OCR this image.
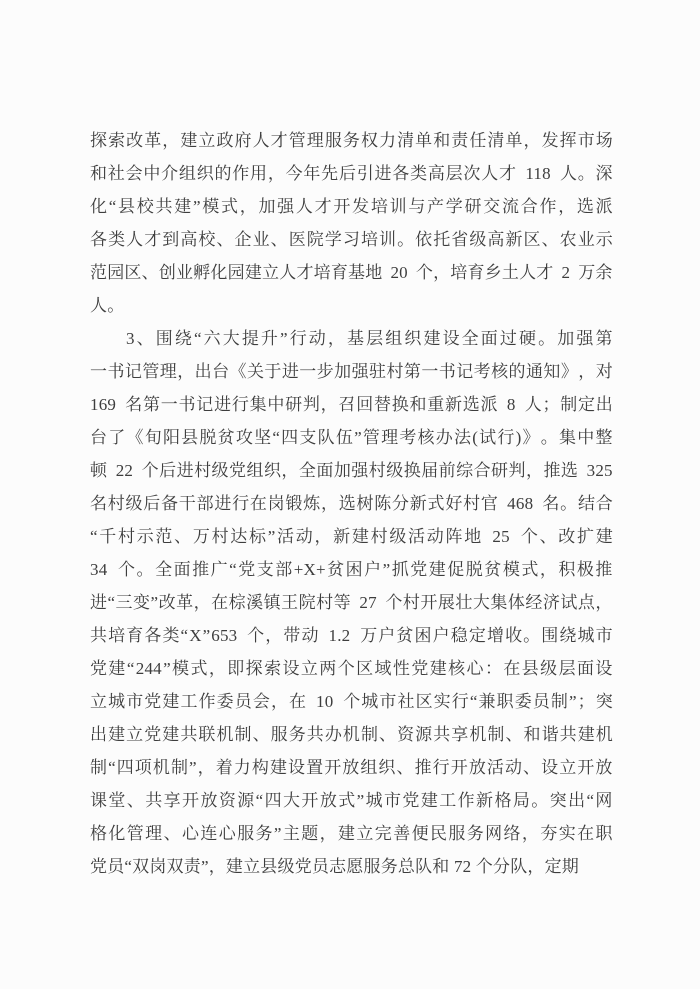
探 索 改 革 ， 建 立 政 府 人 才 管 理 服 务 权 力 清 单 和 责 任 清 单 ， 发 挥 市 场
和 社 会 中 介 组 织 的 作 用 ， 今 年 先 后 引 进 各 类 高 层 次 人 才 118 人 。 深
化 “ 县 校 共 建 ” 模 式 ， 加 强 人 才 开 发 培 训 与 产 学 研 交 流 合 作 ， 选 派
各 类 人 才 到 高 校 、 企 业 、 医 院 学 习 培 训 。 依 托 省 级 高 新 区 、 农 业 示
范 园 区 、 创 业 孵 化 园 建 立 人 才 培 育 基 地 20 个 ， 培 育 乡 土 人 才 2 万 余
人。
3 、 围 绕 “ 六 大 提 升 ” 行 动 ， 基 层 组 织 建 设 全 面 过 硬 。 加 强 第
一 书 记 管 理 ， 出 台 《 关 于 进 一 步 加 强 驻 村 第 一 书 记 考 核 的 通 知 》 ， 对
169 名 第 一 书 记 进 行 集 中 研 判 ， 召 回 替 换 和 重 新 选 派 8 人 ； 制 定 出
台 了 《 旬 阳 县 脱 贫 攻 坚 “ 四 支 队 伍 ” 管 理 考 核 办 法 ( 试 行 ) 》 。 集 中 整
顿 22 个 后 进 村 级 党 组 织 ， 全 面 加 强 村 级 换 届 前 综 合 研 判 ， 推 选 325
名 村 级 后 备 干 部 进 行 在 岗 锻 炼 ， 选 树 陈 分 新 式 好 村 官 468 名 。 结 合
“ 千 村 示 范 、 万 村 达 标 ” 活 动 ， 新 建 村 级 活 动 阵 地 25 个 、 改 扩 建
34 个 。 全 面 推 广 “ 党 支 部 +X+ 贫 困 户 ” 抓 党 建 促 脱 贫 模 式 ， 积 极 推
进 “ 三 变 ” 改 革 ， 在 棕 溪 镇 王 院 村 等 27 个 村 开 展 壮 大 集 体 经 济 试 点 ，
共 培 育 各 类 “ X ” 653 个 ， 带 动 1.2 万 户 贫 困 户 稳 定 增 收 。 围 绕 城 市
党 建 “ 244 ” 模 式 ， 即 探 索 设 立 两 个 区 域 性 党 建 核 心 ： 在 县 级 层 面 设
立 城 市 党 建 工 作 委 员 会 ， 在 10 个 城 市 社 区 实 行 “ 兼 职 委 员 制 ” ； 突
出 建 立 党 建 共 联 机 制 、 服 务 共 办 机 制 、 资 源 共 享 机 制 、 和 谐 共 建 机
制 “ 四 项 机 制 ” ， 着 力 构 建 设 置 开 放 组 织 、 推 行 开 放 活 动 、 设 立 开 放
课 堂 、 共 享 开 放 资 源 “ 四 大 开 放 式 ” 城 市 党 建 工 作 新 格 局 。 突 出 “ 网
格 化 管 理 、 心 连 心 服 务 ” 主 题 ， 建 立 完 善 便 民 服 务 网 络 ， 夯 实 在 职
党员“双岗双责”，建立县级党员志愿服务总队和 72 个分队，定期
